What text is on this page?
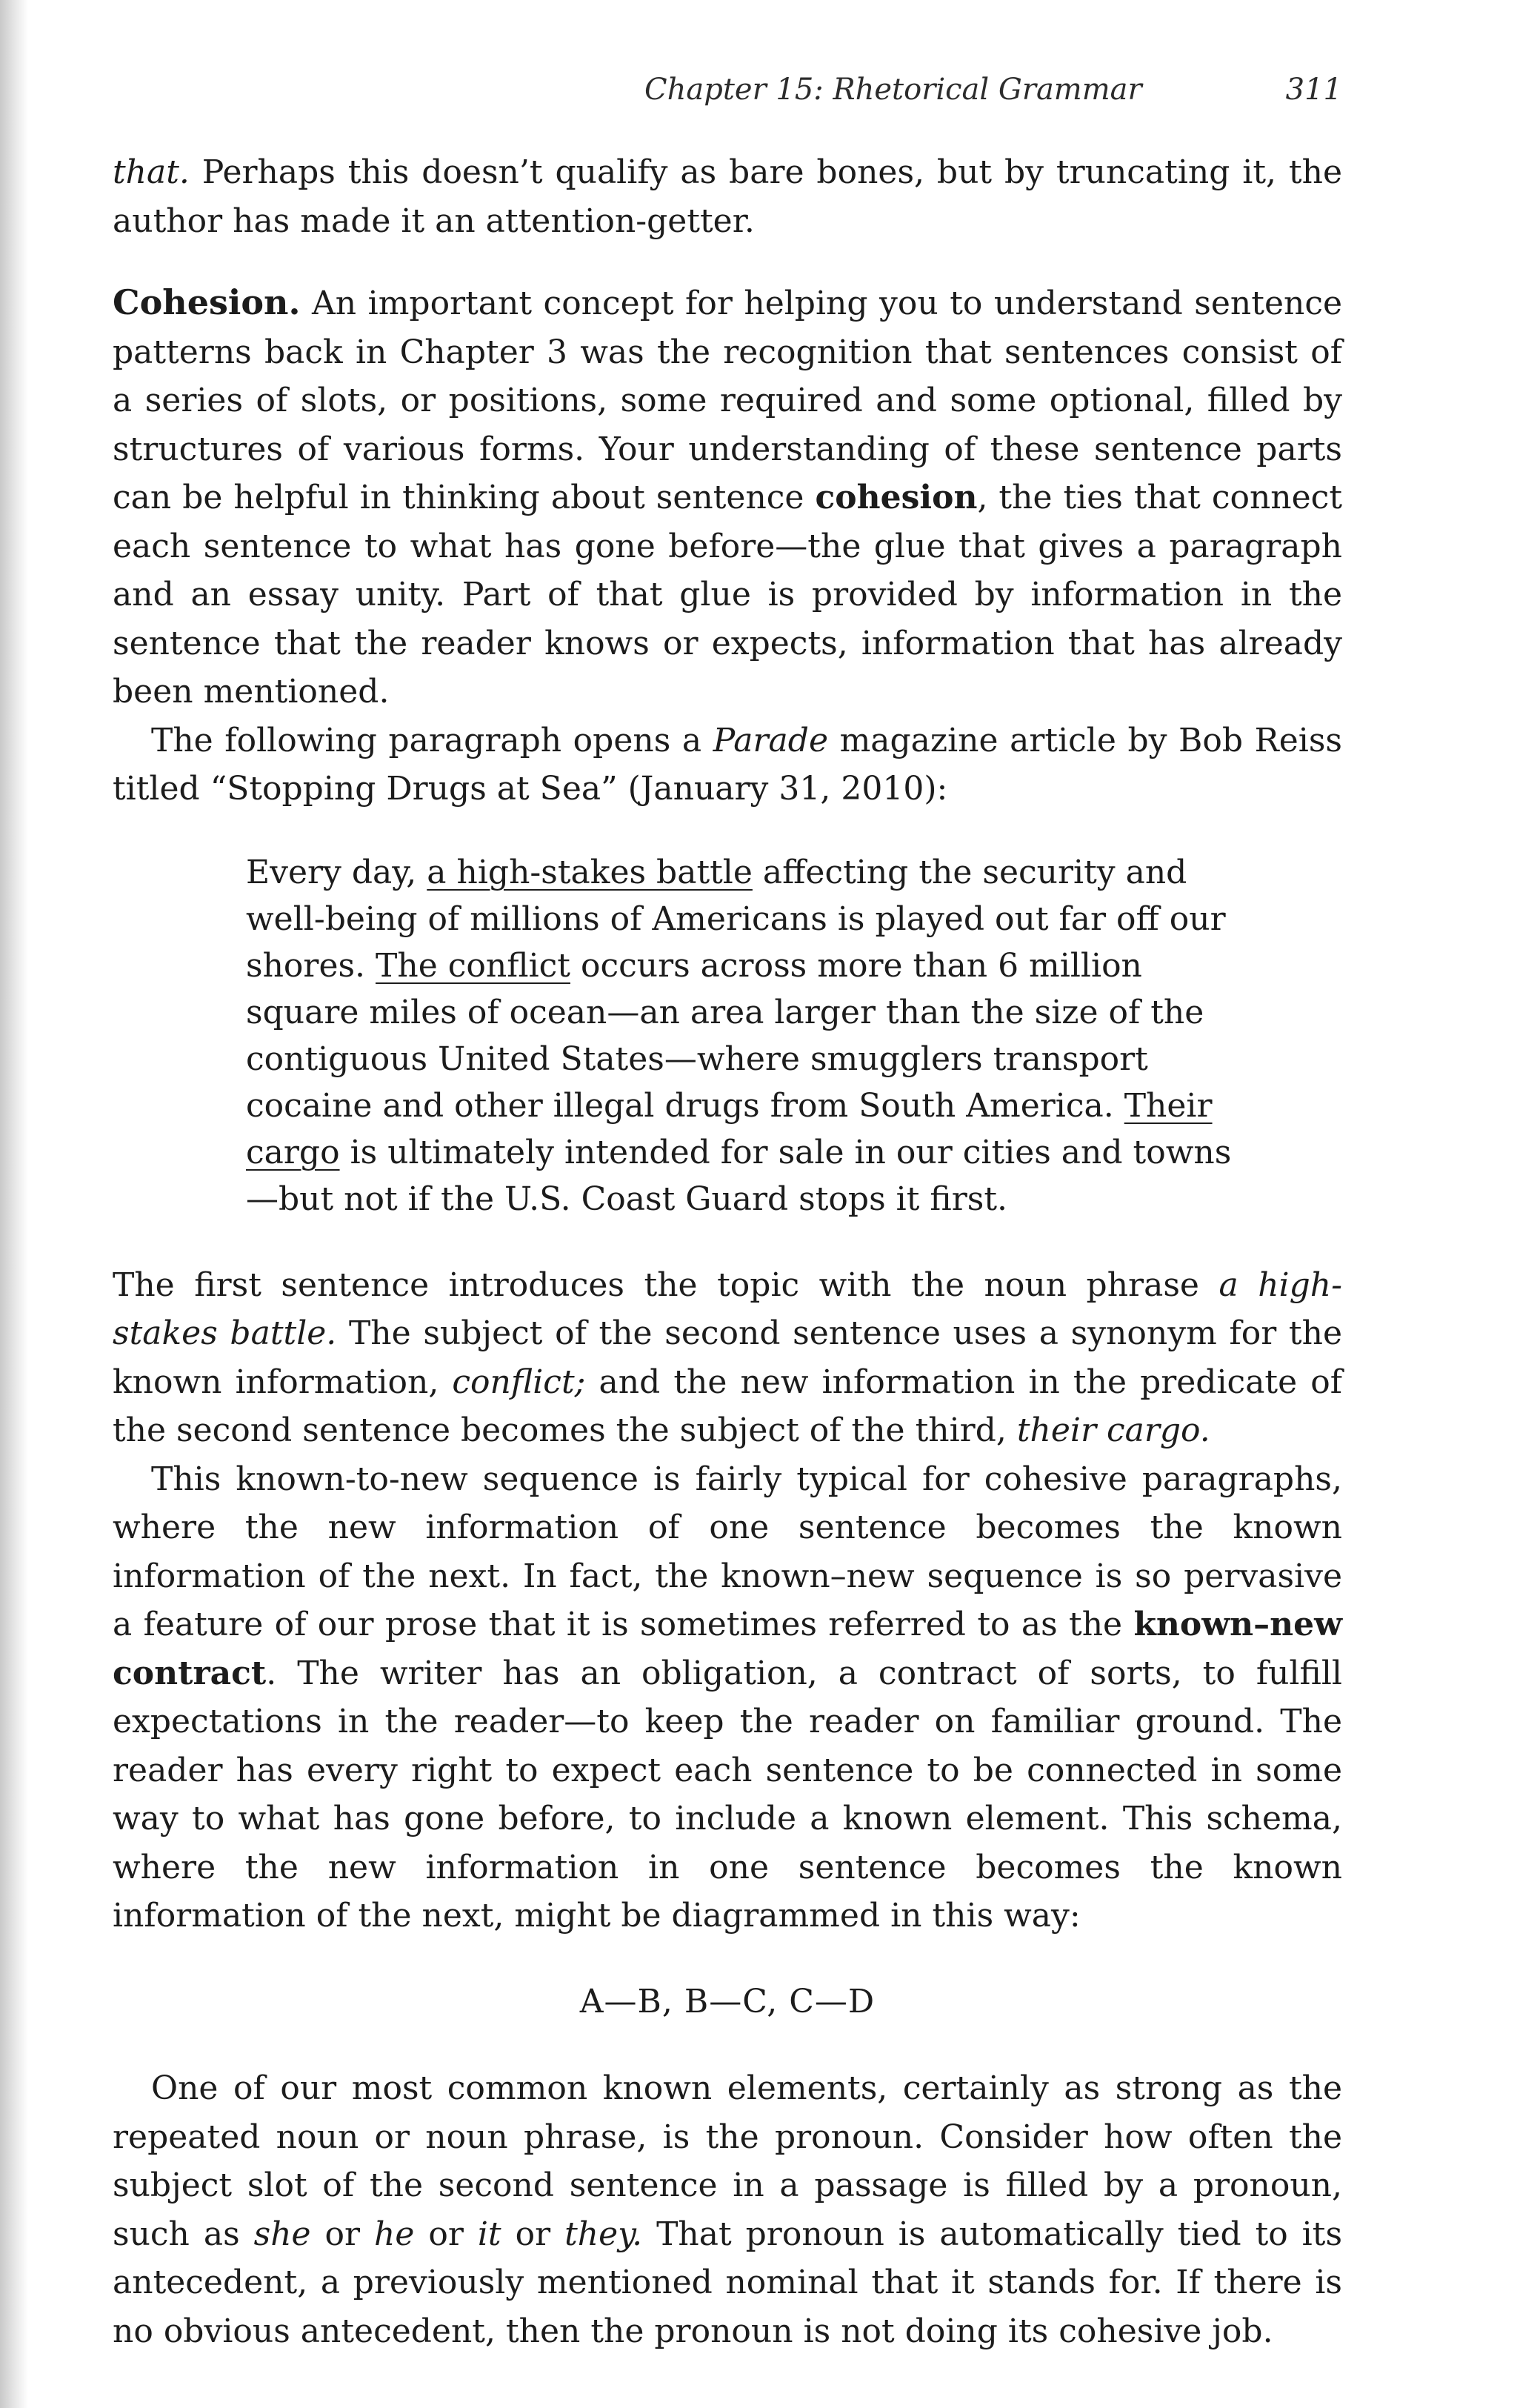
Chapter 15: Rhetorical Grammar	311

that. Perhaps this doesn’t qualify as bare bones, but by truncating it, the author has made it an attention-getter.

Cohesion. An important concept for helping you to understand sentence patterns back in Chapter 3 was the recognition that sentences consist of a series of slots, or positions, some required and some optional, filled by structures of various forms. Your understanding of these sentence parts can be helpful in thinking about sentence cohesion, the ties that connect each sentence to what has gone before—the glue that gives a paragraph and an essay unity. Part of that glue is provided by information in the sentence that the reader knows or expects, information that has already been mentioned.

The following paragraph opens a Parade magazine article by Bob Reiss titled “Stopping Drugs at Sea” (January 31, 2010):

Every day, a high-stakes battle affecting the security and well-being of millions of Americans is played out far off our shores. The conflict occurs across more than 6 million square miles of ocean—an area larger than the size of the contiguous United States—where smugglers transport cocaine and other illegal drugs from South America. Their cargo is ultimately intended for sale in our cities and towns—but not if the U.S. Coast Guard stops it first.

The first sentence introduces the topic with the noun phrase a high-stakes battle. The subject of the second sentence uses a synonym for the known information, conflict; and the new information in the predicate of the second sentence becomes the subject of the third, their cargo.

This known-to-new sequence is fairly typical for cohesive paragraphs, where the new information of one sentence becomes the known information of the next. In fact, the known–new sequence is so pervasive a feature of our prose that it is sometimes referred to as the known–new contract. The writer has an obligation, a contract of sorts, to fulfill expectations in the reader—to keep the reader on familiar ground. The reader has every right to expect each sentence to be connected in some way to what has gone before, to include a known element. This schema, where the new information in one sentence becomes the known information of the next, might be diagrammed in this way:

A—B, B—C, C—D

One of our most common known elements, certainly as strong as the repeated noun or noun phrase, is the pronoun. Consider how often the subject slot of the second sentence in a passage is filled by a pronoun, such as she or he or it or they. That pronoun is automatically tied to its antecedent, a previously mentioned nominal that it stands for. If there is no obvious antecedent, then the pronoun is not doing its cohesive job.
